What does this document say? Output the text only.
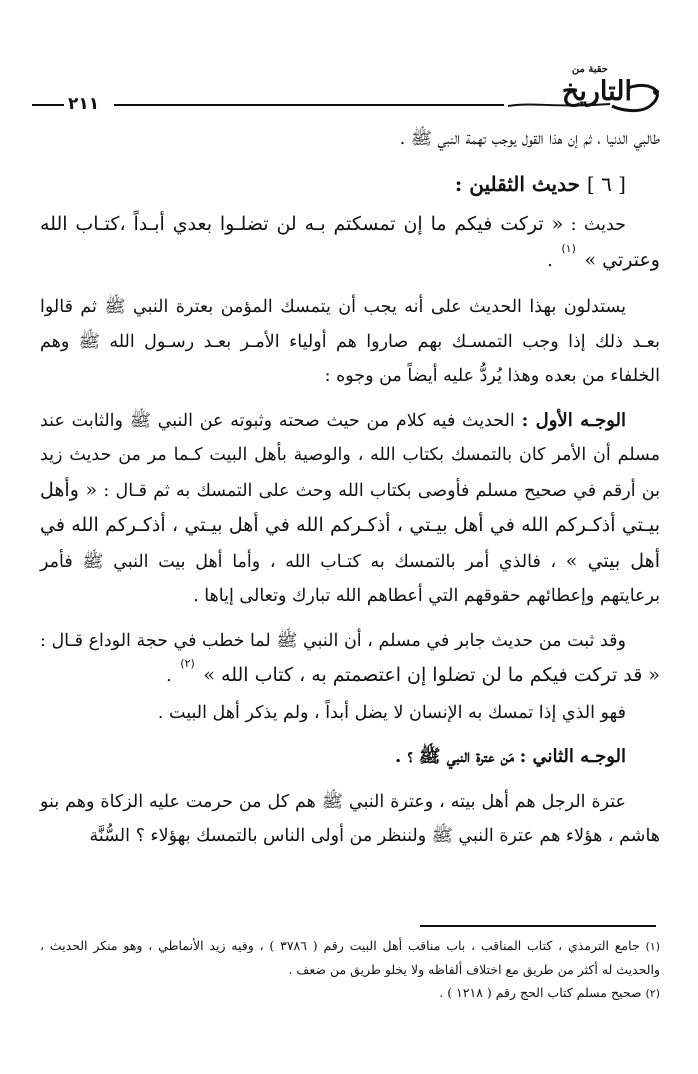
٢١١
حقبة من
التاريخ

طالبي الدنيا ، ثم إن هذا القول يوجب تهمة النبي ﷺ .

[ ٦ ] حديث الثقلين :

حديث : « تركت فيكم ما إن تمسكتم بـه لن تضلـوا بعدي أبـداً ،كتـاب الله وعترتي » $^{(١)}$ .

يستدلون بهذا الحديث على أنه يجب أن يتمسك المؤمن بعترة النبي ﷺ ثم قالوا بعـد ذلك إذا وجب التمسـك بهم صاروا هم أولياء الأمـر بعـد رسـول الله ﷺ وهم الخلفاء من بعده وهذا يُردُّ عليه أيضاً من وجوه :

الوجـه الأول : الحديث فيه كلام من حيث صحته وثبوته عن النبي ﷺ والثابت عند مسلم أن الأمر كان بالتمسك بكتاب الله ، والوصية بأهل البيت كـما مر من حديث زيد بن أرقم في صحيح مسلم فأوصى بكتاب الله وحث على التمسك به ثم قـال : « وأهل بيـتي أذكـركم الله في أهل بيـتي ، أذكـركم الله في أهل بيـتي ، أذكـركم الله في أهل بيتي » ، فالذي أمر بالتمسك به كتـاب الله ، وأما أهل بيت النبي ﷺ فأمر برعايتهم وإعطائهم حقوقهم التي أعطاهم الله تبارك وتعالى إياها .

وقد ثبت من حديث جابر في مسلم ، أن النبي ﷺ لما خطب في حجة الوداع قـال : « قد تركت فيكم ما لن تضلوا إن اعتصمتم به ، كتاب الله » $^{(٢)}$ .

فهو الذي إذا تمسك به الإنسان لا يضل أبداً ، ولم يذكر أهل البيت .

الوجـه الثاني : مَن عترة النبي ﷺ ؟ .

عترة الرجل هم أهل بيته ، وعترة النبي ﷺ هم كل من حرمت عليه الزكاة وهم بنو هاشم ، هؤلاء هم عترة النبي ﷺ ولننظر من أولى الناس بالتمسك بهؤلاء ؟ السُّنَّة

(١) جامع الترمذي ، كتاب المناقب ، باب مناقب أهل البيت رقم ( ٣٧٨٦ ) ، وفيه زيد الأنماطي ، وهو منكر الحديث ، والحديث له أكثر من طريق مع اختلاف ألفاظه ولا يخلو طريق من ضعف .

(٢) صحيح مسلم كتاب الحج رقم ( ١٢١٨ ) .
